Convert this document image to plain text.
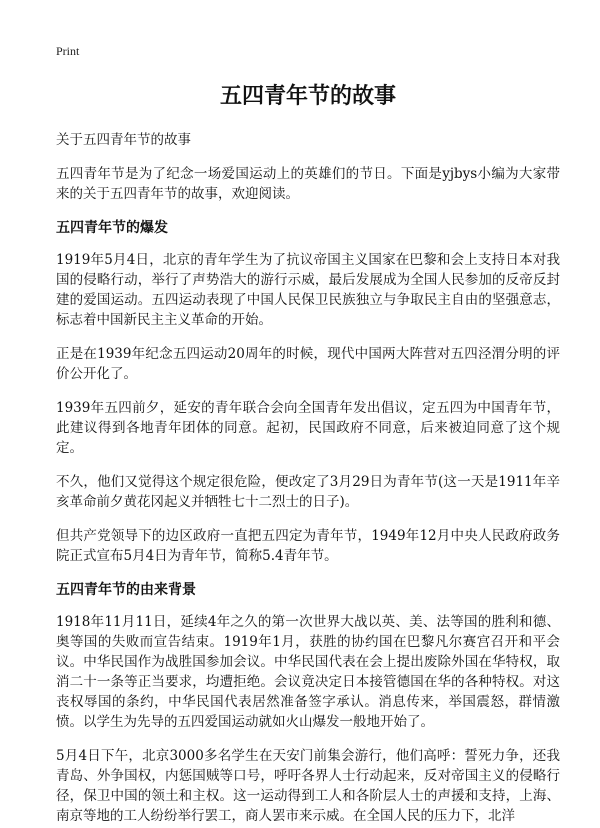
Print
五四青年节的故事
关于五四青年节的故事

五四青年节是为了纪念一场爱国运动上的英雄们的节日。下面是yjbys小编为大家带来的关于五四青年节的故事，欢迎阅读。

五四青年节的爆发

1919年5月4日，北京的青年学生为了抗议帝国主义国家在巴黎和会上支持日本对我国的侵略行动，举行了声势浩大的游行示威，最后发展成为全国人民参加的反帝反封建的爱国运动。五四运动表现了中国人民保卫民族独立与争取民主自由的坚强意志，标志着中国新民主主义革命的开始。

正是在1939年纪念五四运动20周年的时候，现代中国两大阵营对五四泾渭分明的评价公开化了。

1939年五四前夕，延安的青年联合会向全国青年发出倡议，定五四为中国青年节，此建议得到各地青年团体的同意。起初，民国政府不同意，后来被迫同意了这个规定。

不久，他们又觉得这个规定很危险，便改定了3月29日为青年节(这一天是1911年辛亥革命前夕黄花冈起义并牺牲七十二烈士的日子)。

但共产党领导下的边区政府一直把五四定为青年节，1949年12月中央人民政府政务院正式宣布5月4日为青年节，简称5.4青年节。

五四青年节的由来背景

1918年11月11日，延续4年之久的第一次世界大战以英、美、法等国的胜利和德、奥等国的失败而宣告结束。1919年1月，获胜的协约国在巴黎凡尔赛宫召开和平会议。中华民国作为战胜国参加会议。中华民国代表在会上提出废除外国在华特权，取消二十一条等正当要求，均遭拒绝。会议竟决定日本接管德国在华的各种特权。对这丧权辱国的条约，中华民国代表居然准备签字承认。消息传来，举国震怒，群情激愤。以学生为先导的五四爱国运动就如火山爆发一般地开始了。

5月4日下午，北京3000多名学生在天安门前集会游行，他们高呼：誓死力争，还我青岛、外争国权，内惩国贼等口号，呼吁各界人士行动起来，反对帝国主义的侵略行径，保卫中国的领土和主权。这一运动得到工人和各阶层人士的声援和支持，上海、南京等地的工人纷纷举行罢工，商人罢市来示威。在全国人民的压力下，北洋
